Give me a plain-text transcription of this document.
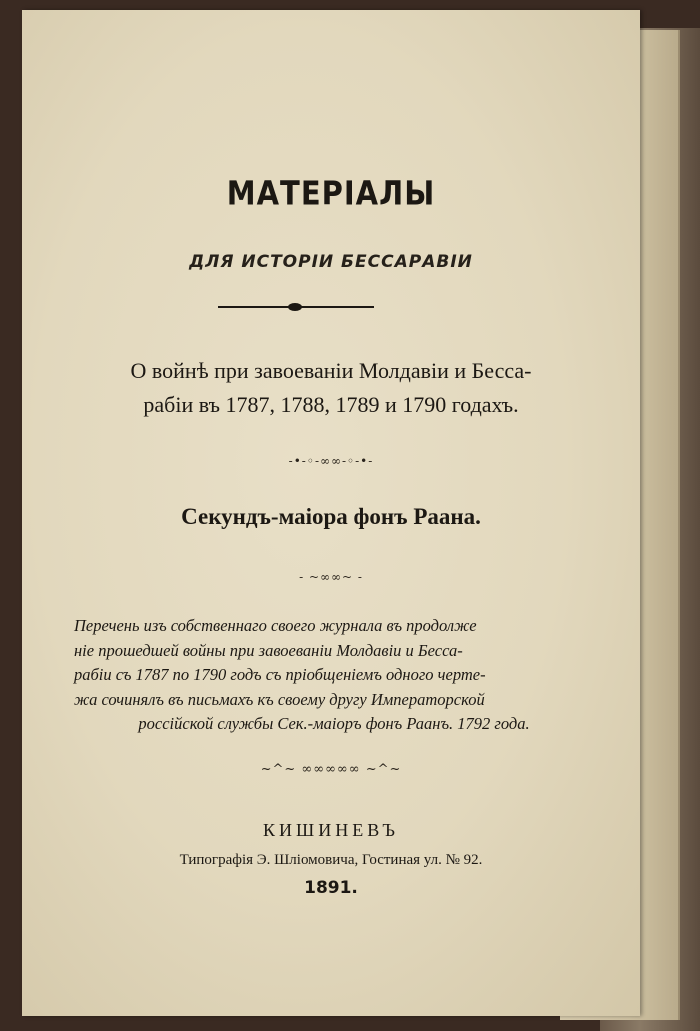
МАТЕРІАЛЫ
ДЛЯ ИСТОРІИ БЕССАРАВІИ
О войнѣ при завоеваніи Молдавіи и Бесса-
рабіи въ 1787, 1788, 1789 и 1790 годахъ.
-•-◦-∞∞-◦-•-
Секундъ-маіора фонъ Раана.
- ~∞∞~ -
Перечень изъ собственнаго своего журнала въ продолже
ніе прошедшей войны при завоеваніи Молдавіи и Бесса-
рабіи съ 1787 по 1790 годъ съ пріобщеніемъ одного черте-
жа сочинялъ въ письмахъ къ своему другу Императорской
россійской службы Сек.-маіоръ фонъ Раанъ. 1792 года.
~^~ ∞∞∞∞∞ ~^~
КИШИНЕВЪ
Типографія Э. Шліомовича, Гостиная ул. № 92.
1891.
